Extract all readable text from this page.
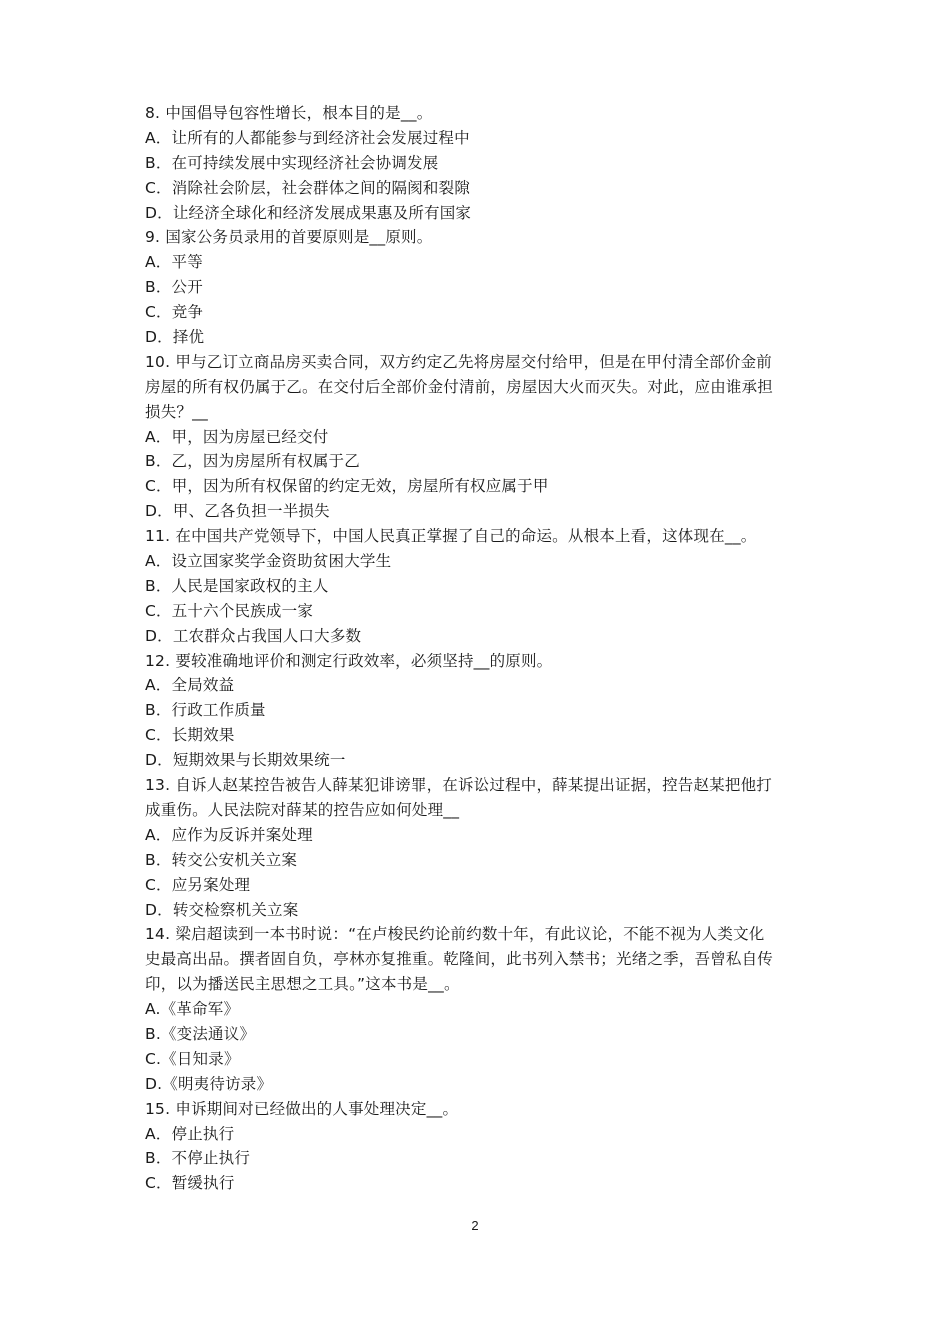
8. 中国倡导包容性增长，根本目的是__。
A．让所有的人都能参与到经济社会发展过程中
B．在可持续发展中实现经济社会协调发展
C．消除社会阶层，社会群体之间的隔阂和裂隙
D．让经济全球化和经济发展成果惠及所有国家
9. 国家公务员录用的首要原则是__原则。
A．平等
B．公开
C．竞争
D．择优
10. 甲与乙订立商品房买卖合同，双方约定乙先将房屋交付给甲，但是在甲付清全部价金前
房屋的所有权仍属于乙。在交付后全部价金付清前，房屋因大火而灭失。对此，应由谁承担
损失？__
A．甲，因为房屋已经交付
B．乙，因为房屋所有权属于乙
C．甲，因为所有权保留的约定无效，房屋所有权应属于甲
D．甲、乙各负担一半损失
11. 在中国共产党领导下，中国人民真正掌握了自己的命运。从根本上看，这体现在__。
A．设立国家奖学金资助贫困大学生
B．人民是国家政权的主人
C．五十六个民族成一家
D．工农群众占我国人口大多数
12. 要较准确地评价和测定行政效率，必须坚持__的原则。
A．全局效益
B．行政工作质量
C．长期效果
D．短期效果与长期效果统一
13. 自诉人赵某控告被告人薛某犯诽谤罪，在诉讼过程中，薛某提出证据，控告赵某把他打
成重伤。人民法院对薛某的控告应如何处理__
A．应作为反诉并案处理
B．转交公安机关立案
C．应另案处理
D．转交检察机关立案
14. 梁启超读到一本书时说：“在卢梭民约论前约数十年，有此议论，不能不视为人类文化
史最高出品。撰者固自负，亭林亦复推重。乾隆间，此书列入禁书；光绪之季，吾曾私自传
印，以为播送民主思想之工具。”这本书是__。
A.《革命军》
B.《变法通议》
C.《日知录》
D.《明夷待访录》
15. 申诉期间对已经做出的人事处理决定__。
A．停止执行
B．不停止执行
C．暂缓执行
2
